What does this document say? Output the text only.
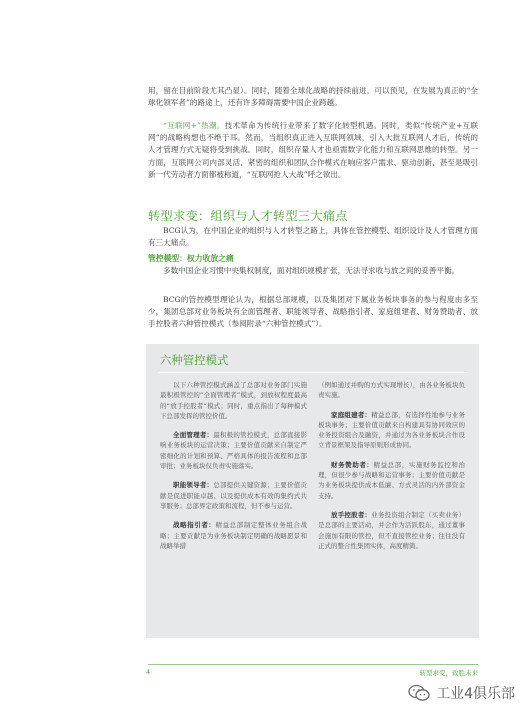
用，留在目前阶段尤其凸显）。同时，随着全球化战略的持续前进，可以预见，在发展为真正的“全球化领军者”的路途上，还有许多障碍需要中国企业跨越。

“互联网+”热潮。技术革命为传统行业带来了数字化转型机遇。同时，类似“传统产业+互联网”的战略构想也不绝于耳。然而，当组织真正进入互联网领域，引入大批互联网人才后，传统的人才管理方式无疑将受到挑战。同时，组织存量人才也亟需数字化能力和互联网思维的转型。另一方面，互联网公司内部灵活、紧密的组织和团队合作模式在响应客户需求、驱动创新、甚至是吸引新一代劳动者方面都被称道，“互联网抢人大战”呼之欲出。

转型求变：组织与人才转型三大痛点

BCG认为，在中国企业的组织与人才转型之路上，具体在管控模型、组织设计及人才管理方面有三大痛点。

管控模型：权力收放之痛

多数中国企业习惯中央集权制度，面对组织规模扩张，无法寻求收与放之间的妥善平衡。

BCG的管控模型理论认为，根据总部规模，以及集团对下属业务板块事务的参与程度由多至少，集团总部对业务板块有全面管理者、职能领导者、战略指引者、家庭组建者、财务赞助者、放手控股者六种管控模式（参阅附录“六种管控模式”）。

六种管控模式

以下六种管控模式涵盖了总部对业务部门实施最积极管控的“全面管理者”模式，到放权程度最高的“放手控股者”模式；同时，重点指出了每种模式下总部发挥的管控价值。

全面管理者：最积极的管控模式，总部直接影响业务板块的运营决策；主要价值贡献来自制定严密细化的计划和预算、严格具体的报告流程和总部审批；业务板块仅负责实施落实。

职能领导者：总部提供关键资源；主要价值贡献是促进职能卓越、以及提供成本有效的集约式共享服务；总部界定政策和流程，但不参与运营。

战略指引者：精益总部制定整体业务组合战略；主要贡献是为业务板块制定明确的战略愿景和战略举措

（例如通过并购的方式实现增长），由各业务板块负责实施。

家庭组建者：精益总部，有选择性地参与业务板块事务；主要价值贡献来自构建具有协同效应的业务投资组合及融资，并通过为各业务板块合作设立背景框架及指导原则形成协同。

财务赞助者：精益总部，实施财务监控和治理，但很少参与战略和运营事务；主要价值贡献是为业务板块提供成本低廉、方式灵活的内外部资金支持。

放手控股者：业务投资组合制定（买卖业务）是总部的主要活动，并会作为活跃股东，通过董事会施加有限的管控，但不直接管控业务；往往没有正式的整合性集团实体，高度精简。

4	转型求变，致胜未来
工业4俱乐部
